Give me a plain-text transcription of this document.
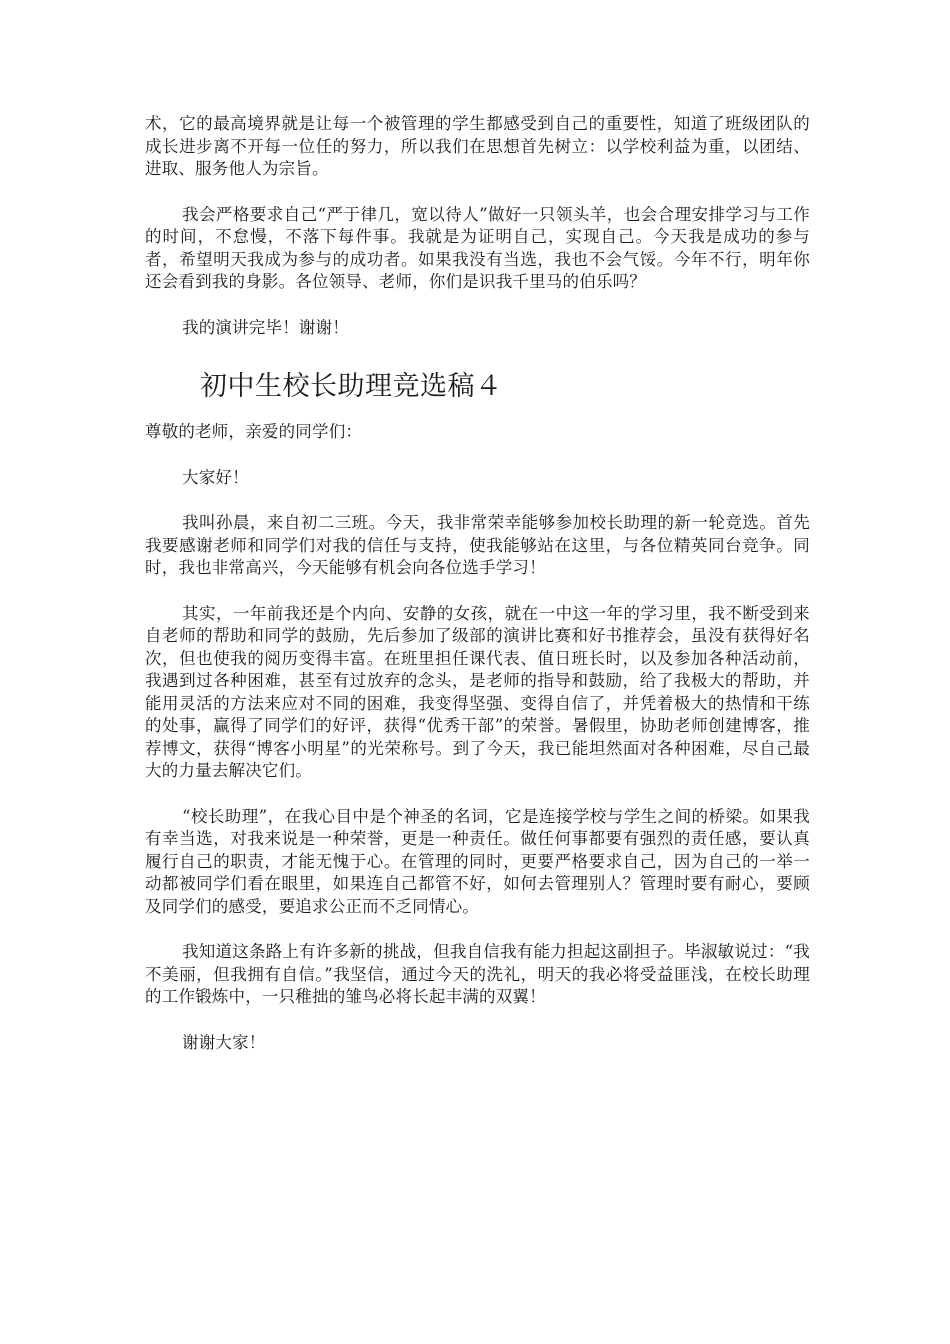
术，它的最高境界就是让每一个被管理的学生都感受到自己的重要性，知道了班级团队的成长进步离不开每一位任的努力，所以我们在思想首先树立：以学校利益为重，以团结、进取、服务他人为宗旨。

我会严格要求自己“严于律几，宽以待人”做好一只领头羊，也会合理安排学习与工作的时间，不怠慢，不落下每件事。我就是为证明自己，实现自己。今天我是成功的参与者，希望明天我成为参与的成功者。如果我没有当选，我也不会气馁。今年不行，明年你还会看到我的身影。各位领导、老师，你们是识我千里马的伯乐吗？

我的演讲完毕！谢谢！

初中生校长助理竞选稿４

尊敬的老师，亲爱的同学们：

大家好！

我叫孙晨，来自初二三班。今天，我非常荣幸能够参加校长助理的新一轮竞选。首先我要感谢老师和同学们对我的信任与支持，使我能够站在这里，与各位精英同台竞争。同时，我也非常高兴，今天能够有机会向各位选手学习！

其实，一年前我还是个内向、安静的女孩，就在一中这一年的学习里，我不断受到来自老师的帮助和同学的鼓励，先后参加了级部的演讲比赛和好书推荐会，虽没有获得好名次，但也使我的阅历变得丰富。在班里担任课代表、值日班长时，以及参加各种活动前，我遇到过各种困难，甚至有过放弃的念头，是老师的指导和鼓励，给了我极大的帮助，并能用灵活的方法来应对不同的困难，我变得坚强、变得自信了，并凭着极大的热情和干练的处事，赢得了同学们的好评，获得“优秀干部”的荣誉。暑假里，协助老师创建博客，推荐博文，获得“博客小明星”的光荣称号。到了今天，我已能坦然面对各种困难，尽自己最大的力量去解决它们。

“校长助理”，在我心目中是个神圣的名词，它是连接学校与学生之间的桥梁。如果我有幸当选，对我来说是一种荣誉，更是一种责任。做任何事都要有强烈的责任感，要认真履行自己的职责，才能无愧于心。在管理的同时，更要严格要求自己，因为自己的一举一动都被同学们看在眼里，如果连自己都管不好，如何去管理别人？管理时要有耐心，要顾及同学们的感受，要追求公正而不乏同情心。

我知道这条路上有许多新的挑战，但我自信我有能力担起这副担子。毕淑敏说过：“我不美丽，但我拥有自信。”我坚信，通过今天的洗礼，明天的我必将受益匪浅，在校长助理的工作锻炼中，一只稚拙的雏鸟必将长起丰满的双翼！

谢谢大家！
